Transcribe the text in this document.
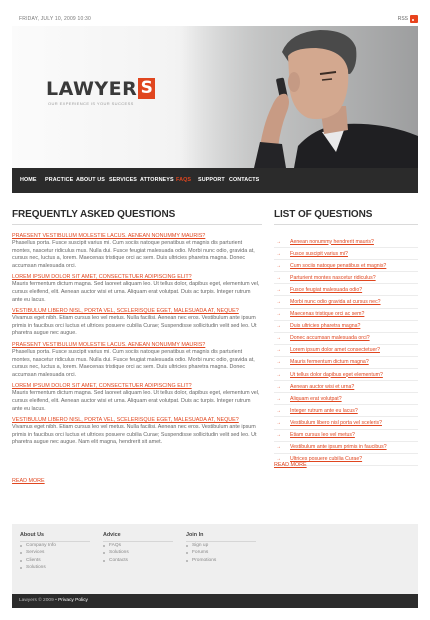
FRIDAY, JULY 10, 2009 10:30	RSS
LAWYER S
OUR EXPERIENCE IS YOUR SUCCESS
HOME PRACTICE ABOUT US SERVICES ATTORNEYS FAQS SUPPORT CONTACTS
FREQUENTLY ASKED QUESTIONS	LIST OF QUESTIONS
PRAESENT VESTIBULUM MOLESTIE LACUS. AENEAN NONUMMY MAURIS?
Phasellus porta. Fusce suscipit varius mi. Cum sociis natoque penatibus et magnis dis parturient montes, nascetur ridiculus mus. Nulla dui. Fusce feugiat malesuada odio. Morbi nunc odio, gravida at, cursus nec, luctus a, lorem. Maecenas tristique orci ac sem. Duis ultricies pharetra magna. Donec accumsan malesuada orci.
LOREM IPSUM DOLOR SIT AMET, CONSECTETUER ADIPISCING ELIT?
Mauris fermentum dictum magna. Sed laoreet aliquam leo. Ut tellus dolor, dapibus eget, elementum vel, cursus eleifend, elit. Aenean auctor wisi et urna. Aliquam erat volutpat. Duis ac turpis. Integer rutrum ante eu lacus.
VESTIBULUM LIBERO NISL, PORTA VEL, SCELERISQUE EGET, MALESUADA AT, NEQUE?
Vivamus eget nibh. Etiam cursus leo vel metus. Nulla facilisi. Aenean nec eros. Vestibulum ante ipsum primis in faucibus orci luctus et ultrices posuere cubilia Curae; Suspendisse sollicitudin velit sed leo. Ut pharetra augue nec augue.
PRAESENT VESTIBULUM MOLESTIE LACUS. AENEAN NONUMMY MAURIS?
Phasellus porta. Fusce suscipit varius mi. Cum sociis natoque penatibus et magnis dis parturient montes, nascetur ridiculus mus. Nulla dui. Fusce feugiat malesuada odio. Morbi nunc odio, gravida at, cursus nec, luctus a, lorem. Maecenas tristique orci ac sem. Duis ultricies pharetra magna. Donec accumsan malesuada orci.
LOREM IPSUM DOLOR SIT AMET, CONSECTETUER ADIPISCING ELIT?
Mauris fermentum dictum magna. Sed laoreet aliquam leo. Ut tellus dolor, dapibus eget, elementum vel, cursus eleifend, elit. Aenean auctor wisi et urna. Aliquam erat volutpat. Duis ac turpis. Integer rutrum ante eu lacus.
VESTIBULUM LIBERO NISL, PORTA VEL, SCELERISQUE EGET, MALESUADA AT, NEQUE?
Vivamus eget nibh. Etiam cursus leo vel metus. Nulla facilisi. Aenean nec eros. Vestibulum ante ipsum primis in faucibus orci luctus et ultrices posuere cubilia Curae; Suspendisse sollicitudin velit sed leo. Ut pharetra augue nec augue. Nam elit magna, hendrerit sit amet.
READ MORE
→ Aenean nonummy hendrerit mauris?
→ Fusce suscipit varius mi?
→ Cum sociis natoque penatibus et magnis?
→ Parturient montes nascetur ridiculus?
→ Fusce feugiat malesuada odio?
→ Morbi nunc odio gravida at cursus nec?
→ Maecenas tristique orci ac sem?
→ Duis ultricies pharetra magna?
→ Donec accumsan malesuada orci?
→ Lorem ipsum dolor amet consectetuer?
→ Mauris fermentum dictum magna?
→ Ut tellus dolor dapibus eget elementum?
→ Aenean auctor wisi et urna?
→ Aliquam erat volutpat?
→ Integer rutrum ante eu lacus?
→ Vestibulum libero nisl porta vel sceleris?
→ Etiam cursus leo vel metus?
→ Vestibulum ante ipsum primis in faucibus?
→ Ultrices posuere cubilia Curae?
READ MORE
About Us
Company Info
Services
Clients
Solutions
Advice
FAQs
Solutions
Contacts
Join In
Sign up
Forums
Promotions
Lawyers © 2009 • Privacy Policy
